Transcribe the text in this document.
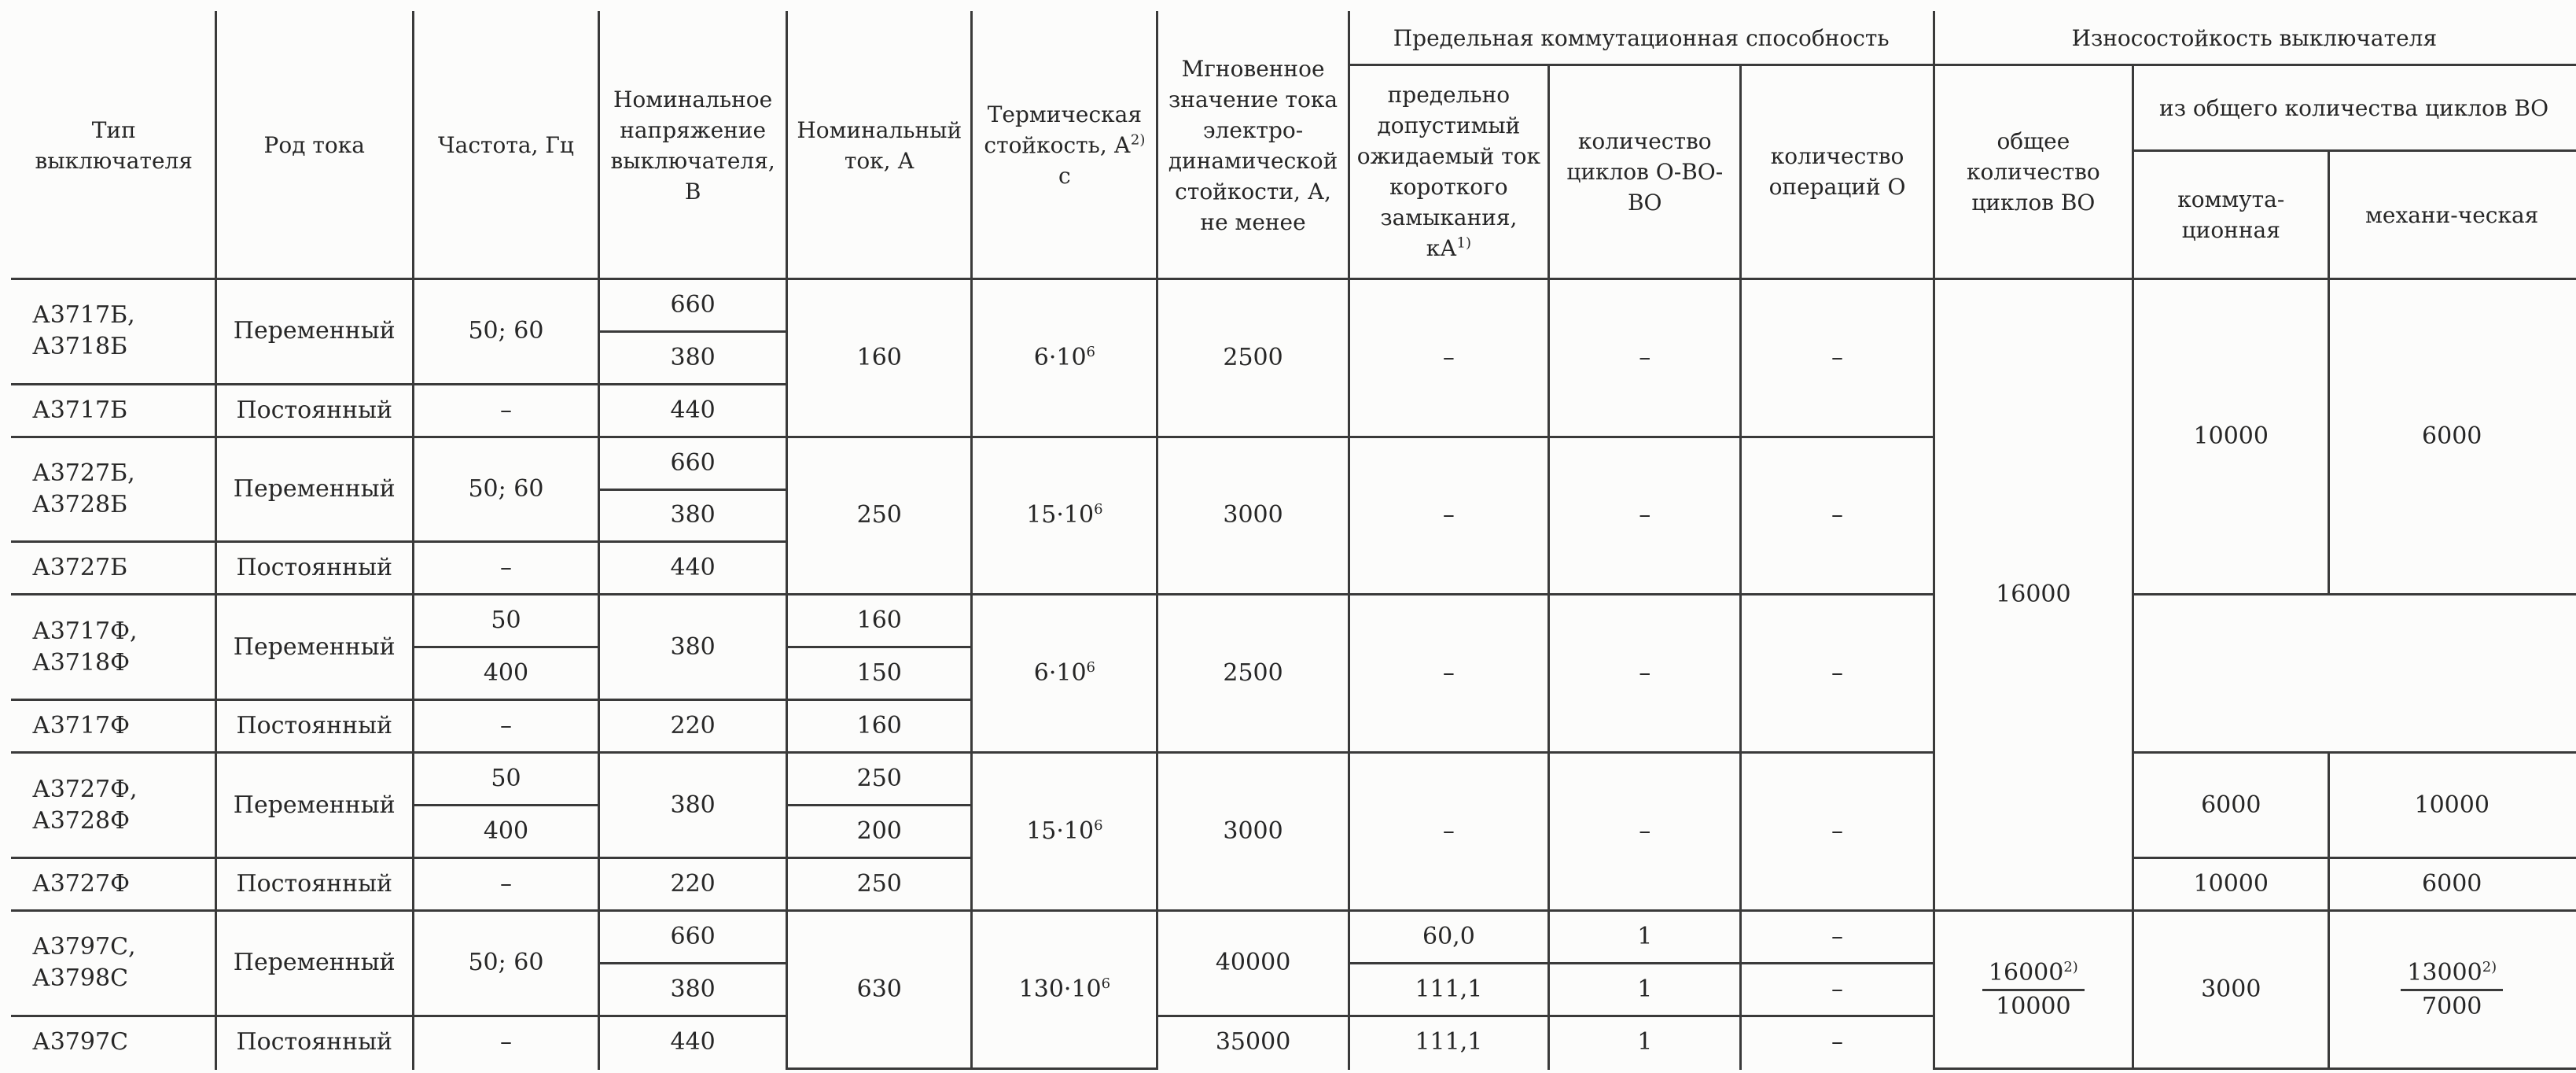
Тип выключателя	Род тока	Частота, Гц	Номинальное напряжение выключателя, В	Номинальный ток, А	Термическая стойкость, $А^{2)}$ с	Мгновенное значение тока электро-динамической стойкости, А, не менее	Предельная коммутационная способность			Износостойкость выключателя		
							предельно допустимый ожидаемый ток короткого замыкания, $кА^{1)}$	количество циклов О-ВО-ВО	количество операций О	общее количество циклов ВО	из общего количества циклов ВО	
											коммута-ционная	механи-ческая
А3717Б, А3718Б	Переменный	50; 60	660	160	$6\cdot 10^6$	2500	–	–	–	16000	10000	6000
			380									
А3717Б	Постоянный	–	440									
А3727Б, А3728Б	Переменный	50; 60	660	250	$15\cdot 10^6$	3000	–	–	–			
			380									
А3727Б	Постоянный	–	440									
А3717Ф, А3718Ф	Переменный	50	380	160	$6\cdot 10^6$	2500	–	–	–			
		400		150								
А3717Ф	Постоянный	–	220	160								
А3727Ф, А3728Ф	Переменный	50	380	250	$15\cdot 10^6$	3000	–	–	–		6000	10000
		400		200								
А3727Ф	Постоянный	–	220	250							10000	6000
А3797С, А3798С	Переменный	50; 60	660	630	$130\cdot 10^6$	40000	60,0	1	–	$\frac{16000^{2)}}{10000}$	3000	$\frac{13000^{2)}}{7000}$

			380				111,1	1	–			
А3797С	Постоянный	–	440			35000	111,1	1	–			
